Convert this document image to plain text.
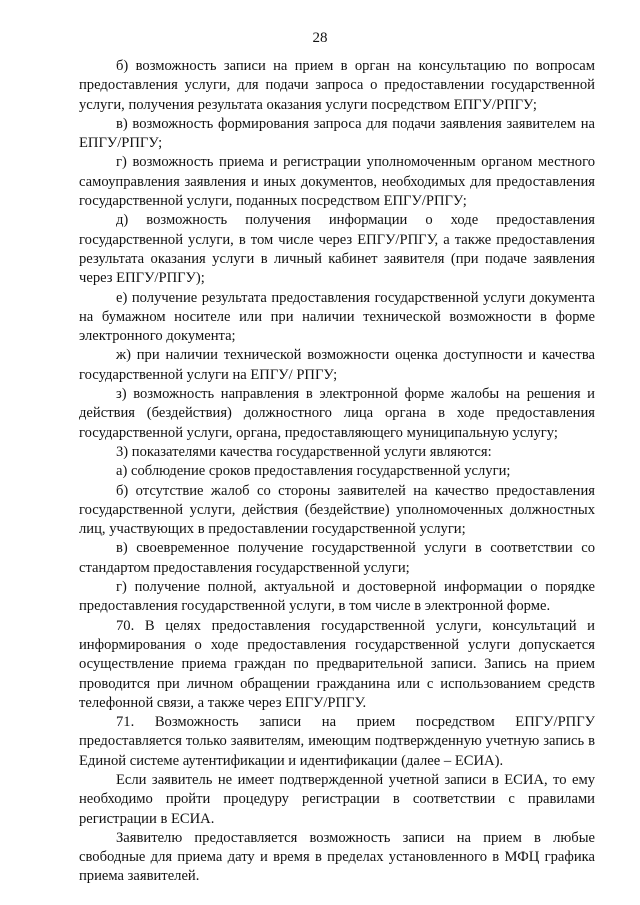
28

б) возможность записи на прием в орган на консультацию по вопросам предоставления услуги, для подачи запроса о предоставлении государственной услуги, получения результата оказания услуги посредством ЕПГУ/РПГУ;

в) возможность формирования запроса для подачи заявления заявителем на ЕПГУ/РПГУ;

г) возможность приема и регистрации уполномоченным органом местного самоуправления заявления и иных документов, необходимых для предоставления государственной услуги, поданных посредством ЕПГУ/РПГУ;

д) возможность получения информации о ходе предоставления государственной услуги, в том числе через ЕПГУ/РПГУ, а также предоставления результата оказания услуги в личный кабинет заявителя (при подаче заявления через ЕПГУ/РПГУ);

е) получение результата предоставления государственной услуги документа на бумажном носителе или при наличии технической возможности в форме электронного документа;

ж) при наличии технической возможности оценка доступности и качества государственной услуги на ЕПГУ/ РПГУ;

з) возможность направления в электронной форме жалобы на решения и действия (бездействия) должностного лица органа в ходе предоставления государственной услуги, органа, предоставляющего муниципальную услугу;

3) показателями качества государственной услуги являются:

а) соблюдение сроков предоставления государственной услуги;

б) отсутствие жалоб со стороны заявителей на качество предоставления государственной услуги, действия (бездействие) уполномоченных должностных лиц, участвующих в предоставлении государственной услуги;

в) своевременное получение государственной услуги в соответствии со стандартом предоставления государственной услуги;

г) получение полной, актуальной и достоверной информации о порядке предоставления государственной услуги, в том числе в электронной форме.

70. В целях предоставления государственной услуги, консультаций и информирования о ходе предоставления государственной услуги допускается осуществление приема граждан по предварительной записи. Запись на прием проводится при личном обращении гражданина или с использованием средств телефонной связи, а также через ЕПГУ/РПГУ.

71. Возможность записи на прием посредством ЕПГУ/РПГУ предоставляется только заявителям, имеющим подтвержденную учетную запись в Единой системе аутентификации и идентификации (далее – ЕСИА).

Если заявитель не имеет подтвержденной учетной записи в ЕСИА, то ему необходимо пройти процедуру регистрации в соответствии с правилами регистрации в ЕСИА.

Заявителю предоставляется возможность записи на прием в любые свободные для приема дату и время в пределах установленного в МФЦ графика приема заявителей.
